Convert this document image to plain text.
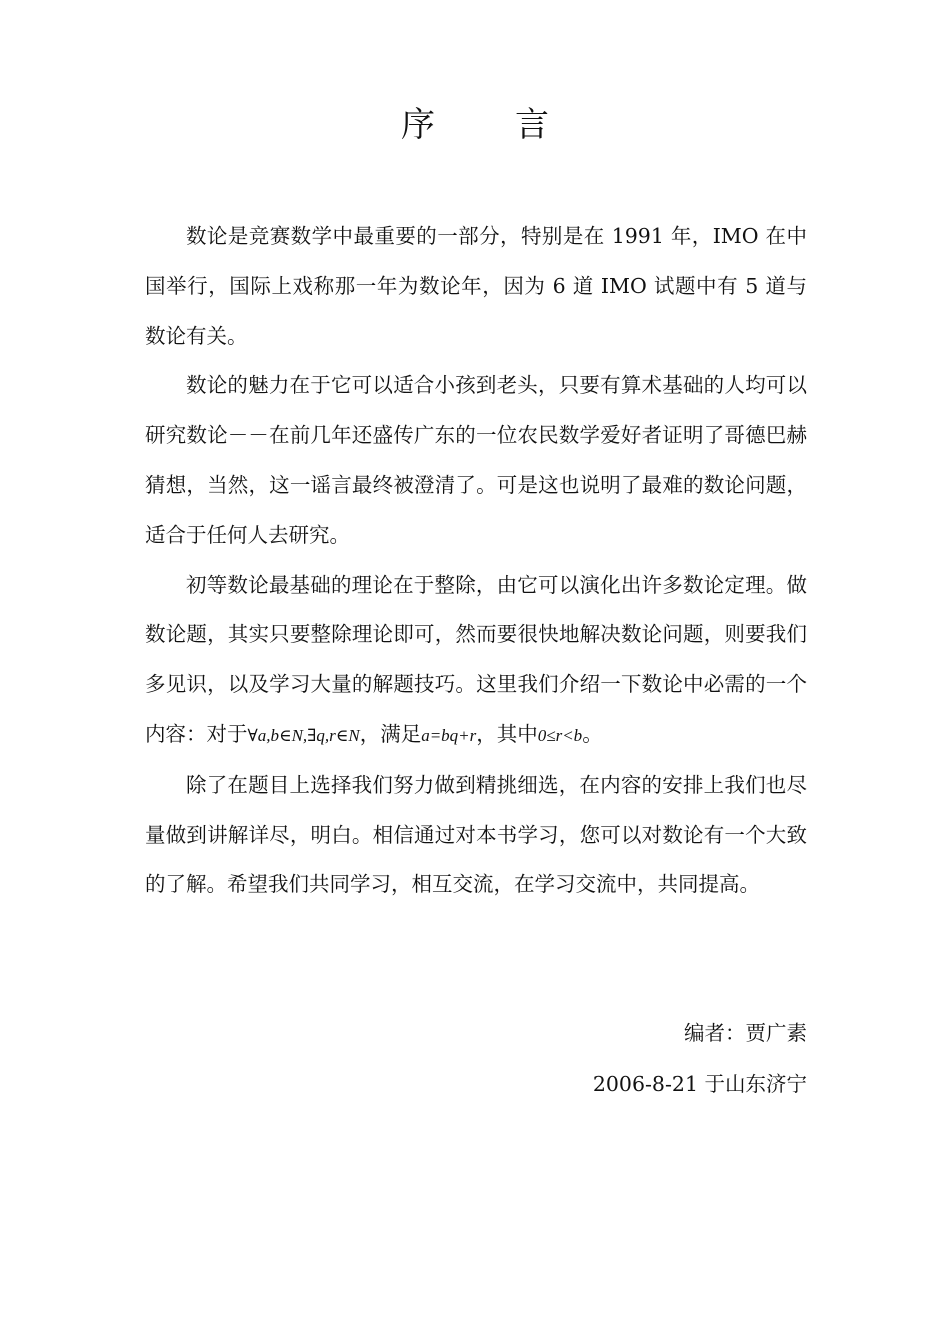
序 言

数论是竞赛数学中最重要的一部分，特别是在 1991 年，IMO 在中国举行，国际上戏称那一年为数论年，因为 6 道 IMO 试题中有 5 道与数论有关。

数论的魅力在于它可以适合小孩到老头，只要有算术基础的人均可以研究数论－－在前几年还盛传广东的一位农民数学爱好者证明了哥德巴赫猜想，当然，这一谣言最终被澄清了。可是这也说明了最难的数论问题，适合于任何人去研究。

初等数论最基础的理论在于整除，由它可以演化出许多数论定理。做数论题，其实只要整除理论即可，然而要很快地解决数论问题，则要我们多见识，以及学习大量的解题技巧。这里我们介绍一下数论中必需的一个内容：对于∀a,b∈N,∃q,r∈N，满足a=bq+r，其中0≤r<b。

除了在题目上选择我们努力做到精挑细选，在内容的安排上我们也尽量做到讲解详尽，明白。相信通过对本书学习，您可以对数论有一个大致的了解。希望我们共同学习，相互交流，在学习交流中，共同提高。

编者：贾广素
2006-8-21 于山东济宁
